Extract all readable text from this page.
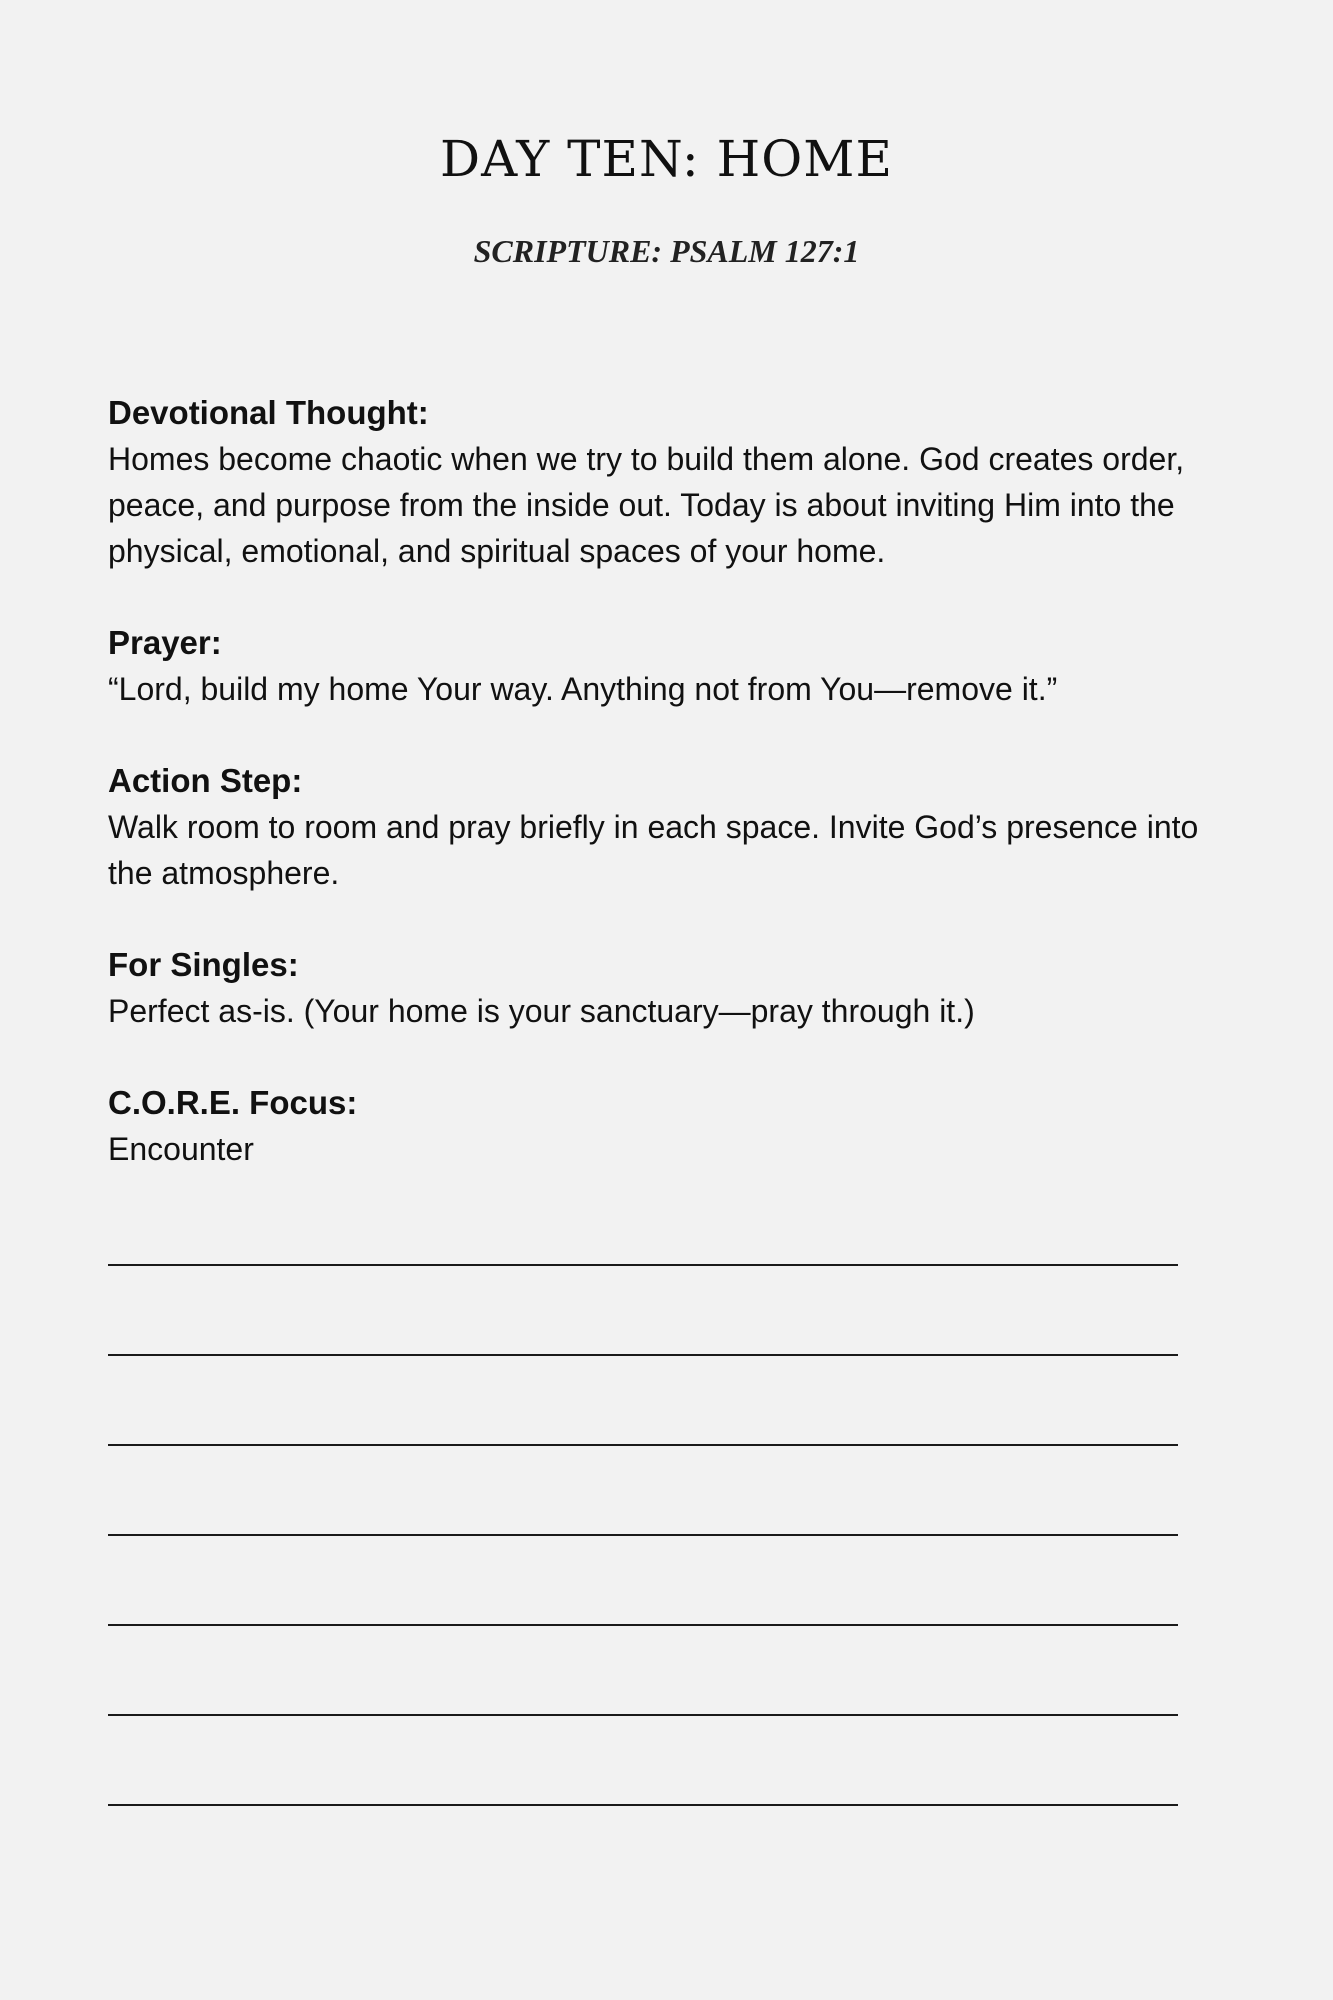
DAY TEN: HOME
SCRIPTURE: PSALM 127:1

Devotional Thought:

Homes become chaotic when we try to build them alone. God creates order, peace, and purpose from the inside out. Today is about inviting Him into the physical, emotional, and spiritual spaces of your home.

Prayer:

“Lord, build my home Your way. Anything not from You—remove it.”

Action Step:

Walk room to room and pray briefly in each space. Invite God’s presence into the atmosphere.

For Singles:

Perfect as-is. (Your home is your sanctuary—pray through it.)

C.O.R.E. Focus:

Encounter
